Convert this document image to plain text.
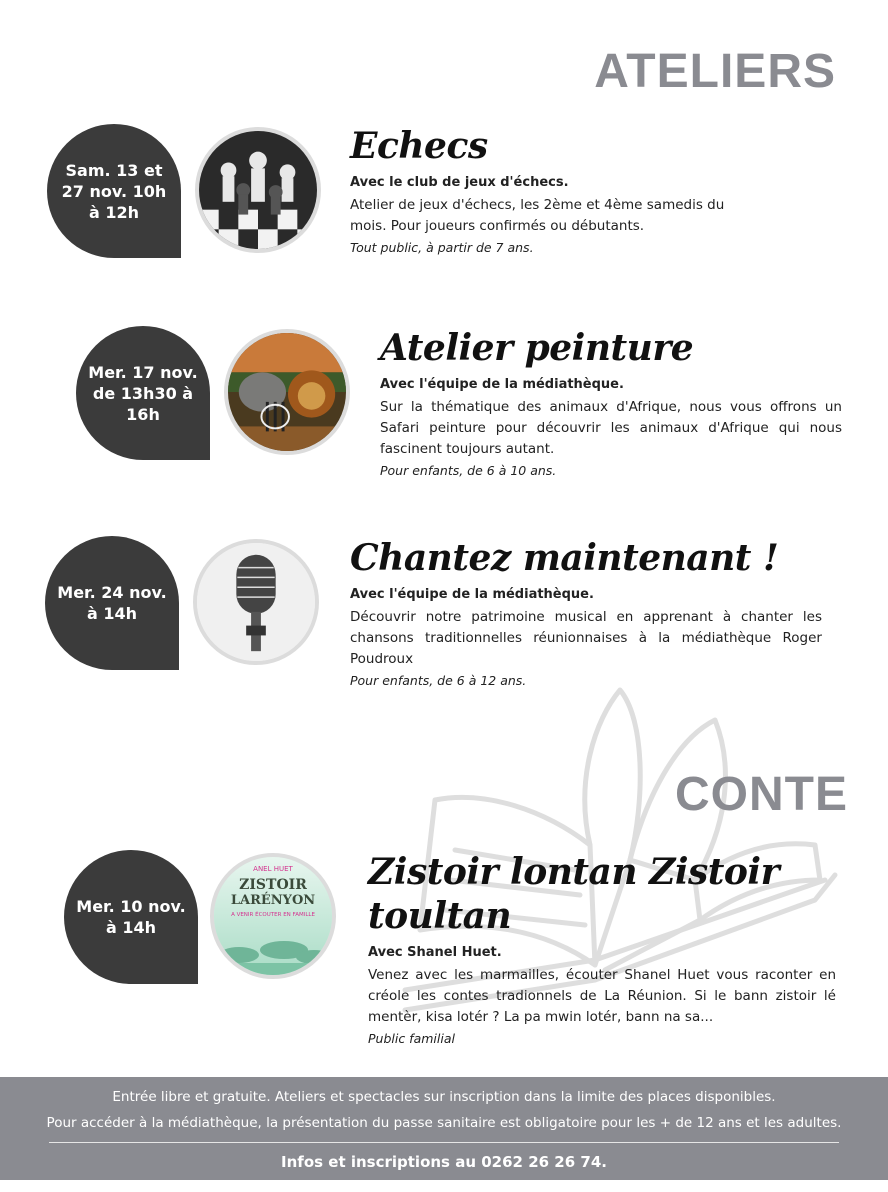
ATELIERS
Sam. 13 et 27 nov. 10h à 12h
Echecs

Avec le club de jeux d'échecs.

Atelier de jeux d'échecs, les 2ème et 4ème samedis du mois. Pour joueurs confirmés ou débutants.

Tout public, à partir de 7 ans.

Mer. 17 nov. de 13h30 à 16h
Atelier peinture

Avec l'équipe de la médiathèque.

Sur la thématique des animaux d'Afrique, nous vous offrons un Safari peinture pour découvrir les animaux d'Afrique qui nous fascinent toujours autant.

Pour enfants, de 6 à 10 ans.

Mer. 24 nov. à 14h
Chantez maintenant !

Avec l'équipe de la médiathèque.

Découvrir notre patrimoine musical en apprenant à chanter les chansons traditionnelles réunionnaises à la médiathèque Roger Poudroux

Pour enfants, de 6 à 12 ans.

CONTE
Mer. 10 nov. à 14h
ANEL HUET
ZISTOIR
LARÉNYON
A VENIR ÉCOUTER EN FAMILLE
Zistoir lontan Zistoir toultan

Avec Shanel Huet.

Venez avec les marmailles, écouter Shanel Huet vous raconter en créole les contes tradionnels de La Réunion. Si le bann zistoir lé mentèr, kisa lotér ? La pa mwin lotér, bann na sa...

Public familial

Entrée libre et gratuite. Ateliers et spectacles sur inscription dans la limite des places disponibles.

Pour accéder à la médiathèque, la présentation du passe sanitaire est obligatoire pour les + de 12 ans et les adultes.

Infos et inscriptions au 0262 26 26 74.
